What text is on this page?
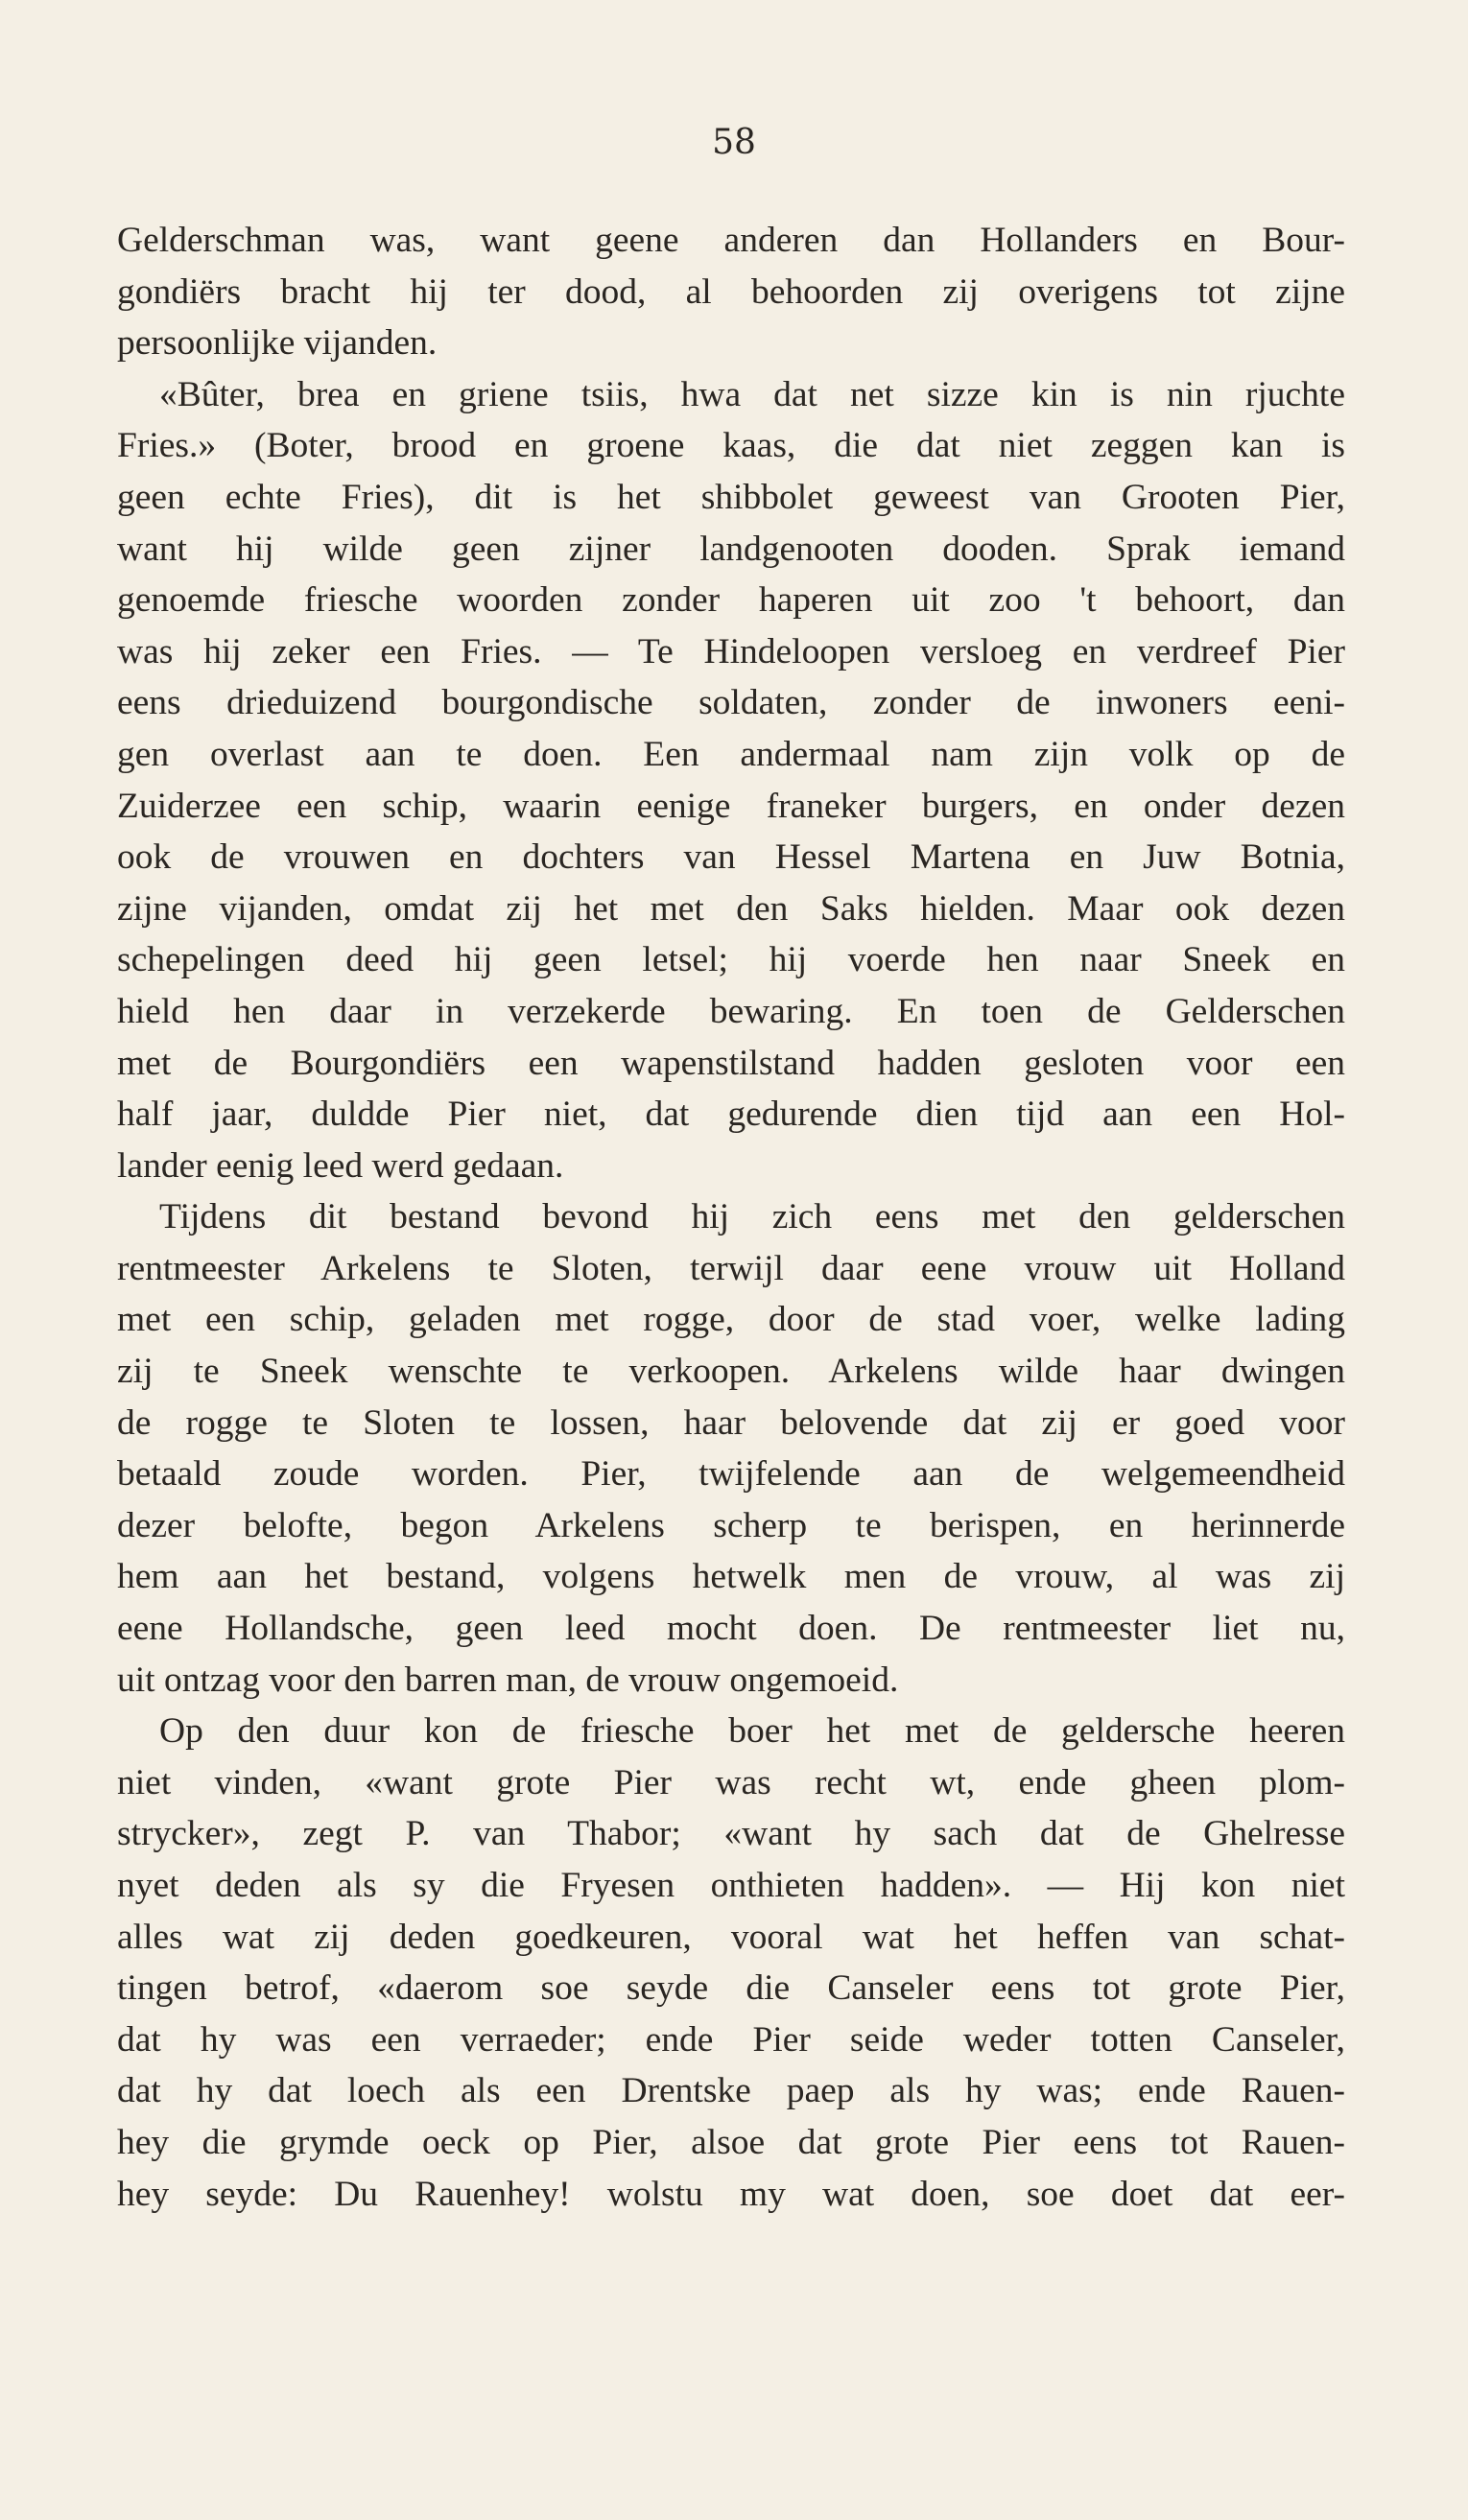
58

Gelderschman was, want geene anderen dan Hollanders en Bour-
gondiërs bracht hij ter dood, al behoorden zij overigens tot zijne
persoonlijke vijanden.

«Bûter, brea en griene tsiis, hwa dat net sizze kin is nin rjuchte
Fries.» (Boter, brood en groene kaas, die dat niet zeggen kan is
geen echte Fries), dit is het shibbolet geweest van Grooten Pier,
want hij wilde geen zijner landgenooten dooden. Sprak iemand
genoemde friesche woorden zonder haperen uit zoo 't behoort, dan
was hij zeker een Fries. — Te Hindeloopen versloeg en verdreef Pier
eens drieduizend bourgondische soldaten, zonder de inwoners eeni-
gen overlast aan te doen. Een andermaal nam zijn volk op de
Zuiderzee een schip, waarin eenige franeker burgers, en onder dezen
ook de vrouwen en dochters van Hessel Martena en Juw Botnia,
zijne vijanden, omdat zij het met den Saks hielden. Maar ook dezen
schepelingen deed hij geen letsel; hij voerde hen naar Sneek en
hield hen daar in verzekerde bewaring. En toen de Gelderschen
met de Bourgondiërs een wapenstilstand hadden gesloten voor een
half jaar, duldde Pier niet, dat gedurende dien tijd aan een Hol-
lander eenig leed werd gedaan.

Tijdens dit bestand bevond hij zich eens met den gelderschen
rentmeester Arkelens te Sloten, terwijl daar eene vrouw uit Holland
met een schip, geladen met rogge, door de stad voer, welke lading
zij te Sneek wenschte te verkoopen. Arkelens wilde haar dwingen
de rogge te Sloten te lossen, haar belovende dat zij er goed voor
betaald zoude worden. Pier, twijfelende aan de welgemeendheid
dezer belofte, begon Arkelens scherp te berispen, en herinnerde
hem aan het bestand, volgens hetwelk men de vrouw, al was zij
eene Hollandsche, geen leed mocht doen. De rentmeester liet nu,
uit ontzag voor den barren man, de vrouw ongemoeid.

Op den duur kon de friesche boer het met de geldersche heeren
niet vinden, «want grote Pier was recht wt, ende gheen plom-
strycker», zegt P. van Thabor; «want hy sach dat de Ghelresse
nyet deden als sy die Fryesen onthieten hadden». — Hij kon niet
alles wat zij deden goedkeuren, vooral wat het heffen van schat-
tingen betrof, «daerom soe seyde die Canseler eens tot grote Pier,
dat hy was een verraeder; ende Pier seide weder totten Canseler,
dat hy dat loech als een Drentske paep als hy was; ende Rauen-
hey die grymde oeck op Pier, alsoe dat grote Pier eens tot Rauen-
hey seyde: Du Rauenhey! wolstu my wat doen, soe doet dat eer-
